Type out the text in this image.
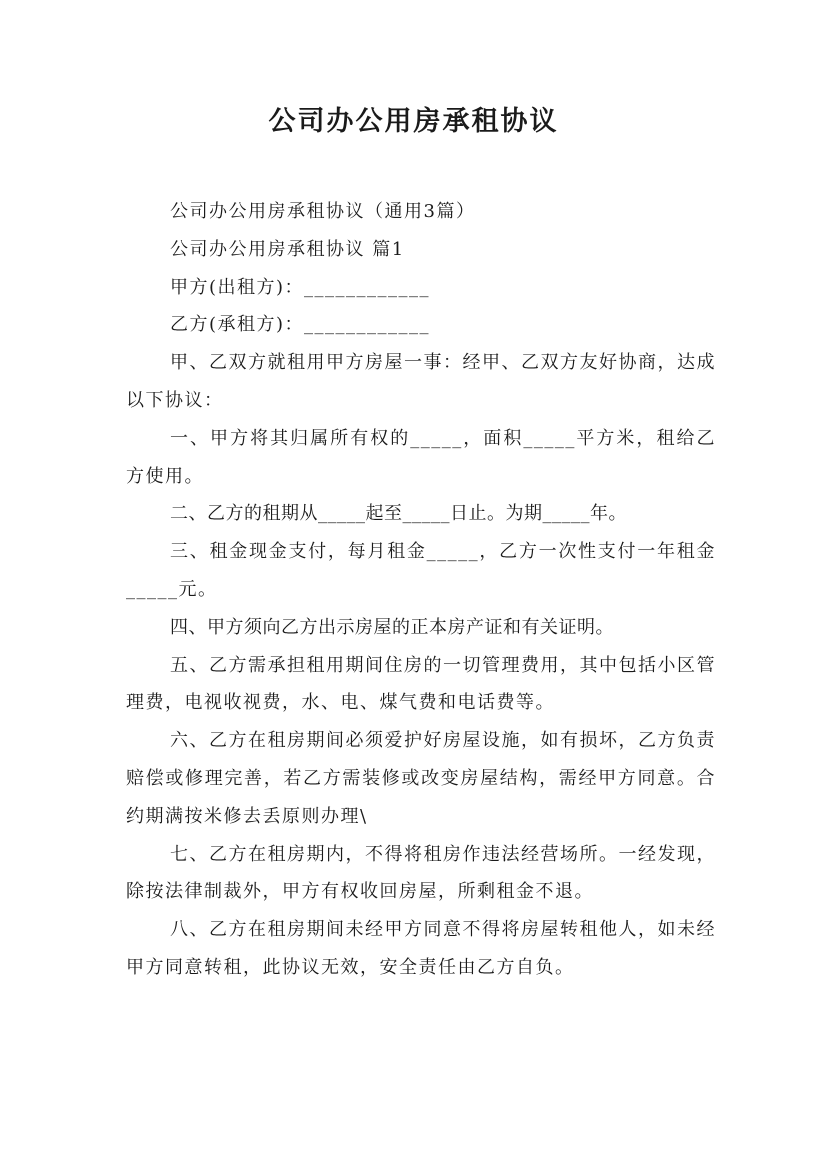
公司办公用房承租协议

公司办公用房承租协议（通用3篇）

公司办公用房承租协议 篇1

甲方(出租方)：____________

乙方(承租方)：____________

甲、乙双方就租用甲方房屋一事：经甲、乙双方友好协商，达成以下协议：

一、甲方将其归属所有权的_____，面积_____平方米，租给乙方使用。

二、乙方的租期从_____起至_____日止。为期_____年。

三、租金现金支付，每月租金_____，乙方一次性支付一年租金_____元。

四、甲方须向乙方出示房屋的正本房产证和有关证明。

五、乙方需承担租用期间住房的一切管理费用，其中包括小区管理费，电视收视费，水、电、煤气费和电话费等。

六、乙方在租房期间必须爱护好房屋设施，如有损坏，乙方负责赔偿或修理完善，若乙方需装修或改变房屋结构，需经甲方同意。合约期满按米修去丢原则办理\

七、乙方在租房期内，不得将租房作违法经营场所。一经发现，除按法律制裁外，甲方有权收回房屋，所剩租金不退。

八、乙方在租房期间未经甲方同意不得将房屋转租他人，如未经甲方同意转租，此协议无效，安全责任由乙方自负。
